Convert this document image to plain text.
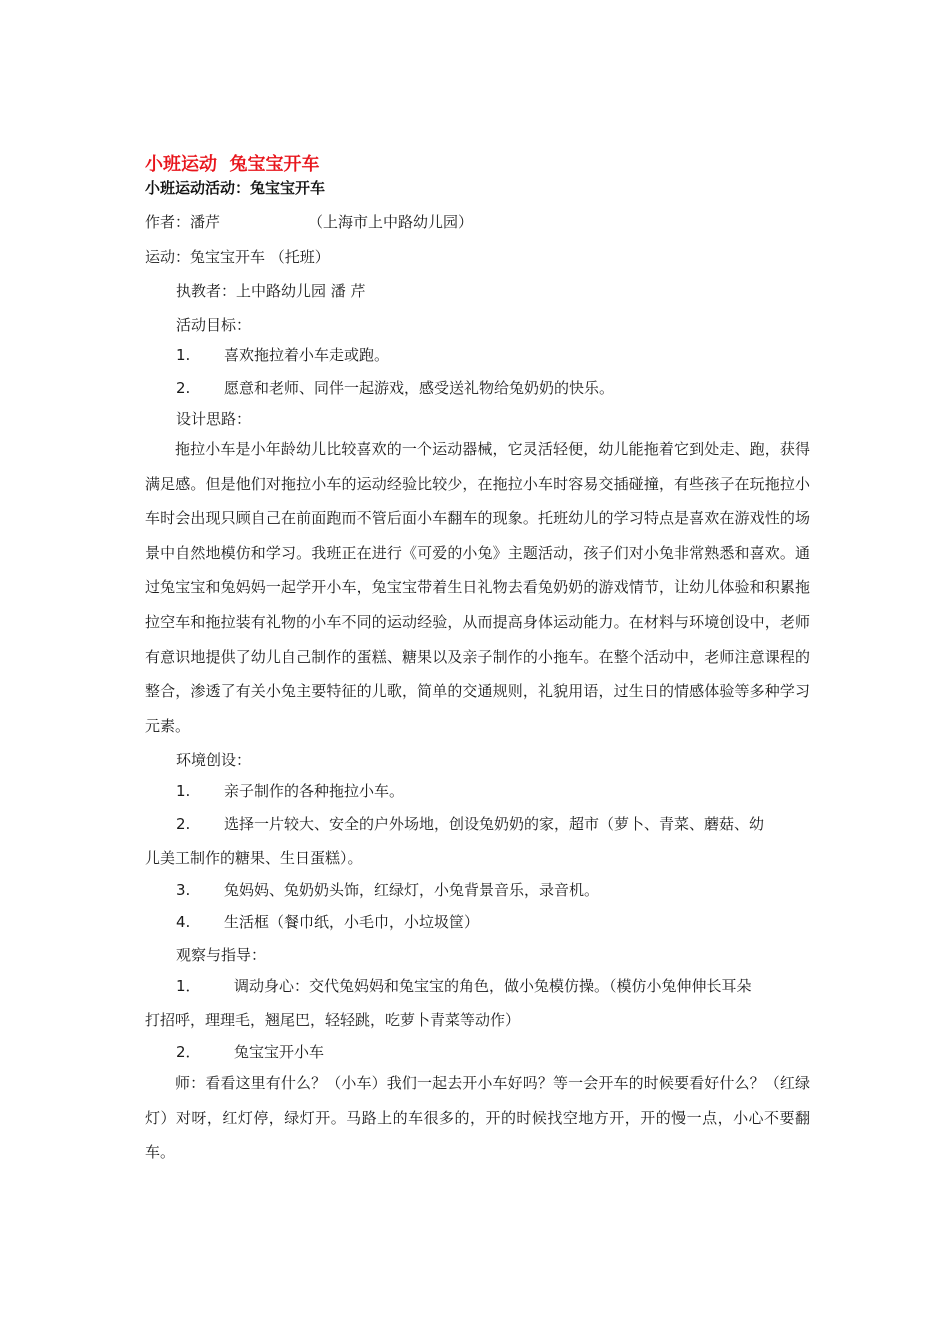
小班运动  兔宝宝开车
小班运动活动：兔宝宝开车

作者：潘芹	（上海市上中路幼儿园）

运动：兔宝宝开车 （托班）

执教者：上中路幼儿园 潘 芹

活动目标：

1. 喜欢拖拉着小车走或跑。

2. 愿意和老师、同伴一起游戏，感受送礼物给兔奶奶的快乐。

设计思路：

拖拉小车是小年龄幼儿比较喜欢的一个运动器械，它灵活轻便，幼儿能拖着它到处走、跑，获得满足感。但是他们对拖拉小车的运动经验比较少，在拖拉小车时容易交插碰撞，有些孩子在玩拖拉小车时会出现只顾自己在前面跑而不管后面小车翻车的现象。托班幼儿的学习特点是喜欢在游戏性的场景中自然地模仿和学习。我班正在进行《可爱的小兔》主题活动，孩子们对小兔非常熟悉和喜欢。通过兔宝宝和兔妈妈一起学开小车，兔宝宝带着生日礼物去看兔奶奶的游戏情节，让幼儿体验和积累拖拉空车和拖拉装有礼物的小车不同的运动经验，从而提高身体运动能力。在材料与环境创设中，老师有意识地提供了幼儿自己制作的蛋糕、糖果以及亲子制作的小拖车。在整个活动中，老师注意课程的整合，渗透了有关小兔主要特征的儿歌，简单的交通规则，礼貌用语，过生日的情感体验等多种学习元素。

环境创设：

1. 亲子制作的各种拖拉小车。

2. 选择一片较大、安全的户外场地，创设兔奶奶的家，超市（萝卜、青菜、蘑菇、幼

儿美工制作的糖果、生日蛋糕）。

3. 兔妈妈、兔奶奶头饰，红绿灯，小兔背景音乐，录音机。

4. 生活框（餐巾纸，小毛巾，小垃圾筐）

观察与指导：

1． 调动身心：交代兔妈妈和兔宝宝的角色，做小兔模仿操。（模仿小兔伸伸长耳朵

打招呼，理理毛，翘尾巴，轻轻跳，吃萝卜青菜等动作）

2． 兔宝宝开小车

师：看看这里有什么？（小车）我们一起去开小车好吗？等一会开车的时候要看好什么？（红绿灯）对呀，红灯停，绿灯开。马路上的车很多的，开的时候找空地方开，开的慢一点，小心不要翻车。
